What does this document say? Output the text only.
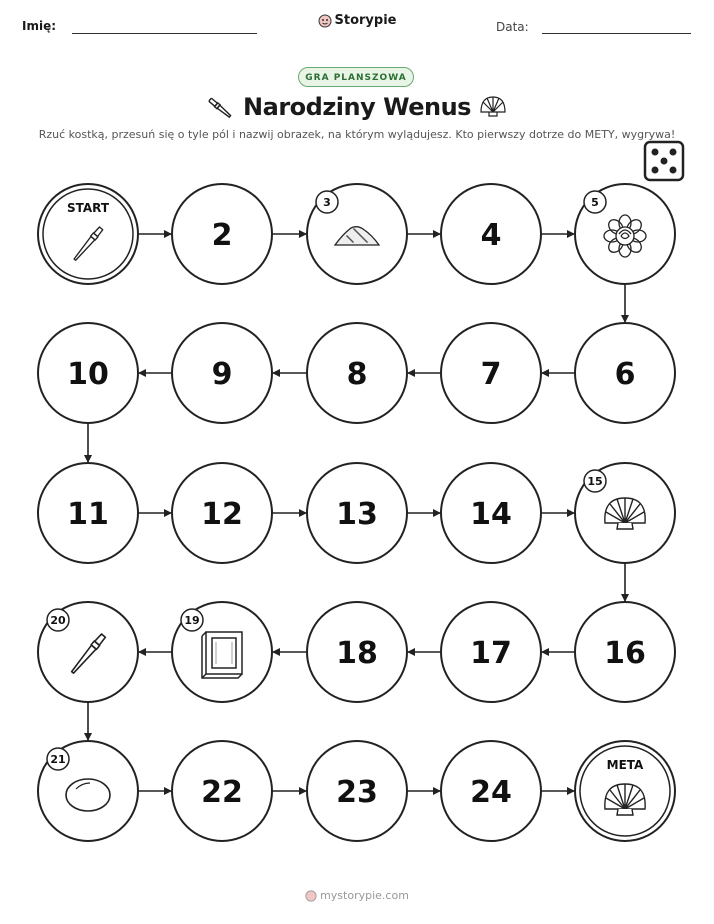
Imię:	Storypie	Data:
GRA PLANSZOWA
Narodziny Wenus
Rzuć kostką, przesuń się o tyle pól i nazwij obrazek, na którym wylądujesz. Kto pierwszy dotrze do METY, wygrywa!
START
2
3
4
5
6
7
8
9
10
11	12	13	14
15
16
17
18
19
20
21
22	23	24
META
mystorypie.com
